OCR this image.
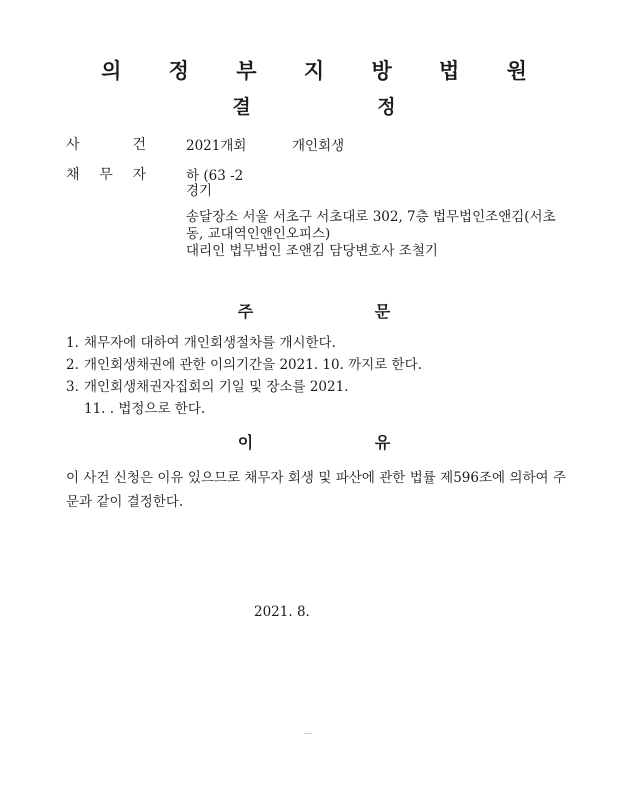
의 정 부 지 방 법 원
결 정
사	건	2021개회	개인회생
채 무 자	하 (63 -2
경기
송달장소 서울 서초구 서초대로 302, 7층 법무법인조앤김(서초
동, 교대역인앤인오피스)
대리인 법무법인 조앤김 담당변호사 조철기
주 문
1. 채무자에 대하여 개인회생절차를 개시한다.
2. 개인회생채권에 관한 이의기간을 2021. 10. 까지로 한다.
3. 개인회생채권자집회의 기일 및 장소를 2021. 11. . 법정으로 한다.
이 유
이 사건 신청은 이유 있으므로 채무자 회생 및 파산에 관한 법률 제596조에 의하여 주문과 같이 결정한다.
2021. 8.
